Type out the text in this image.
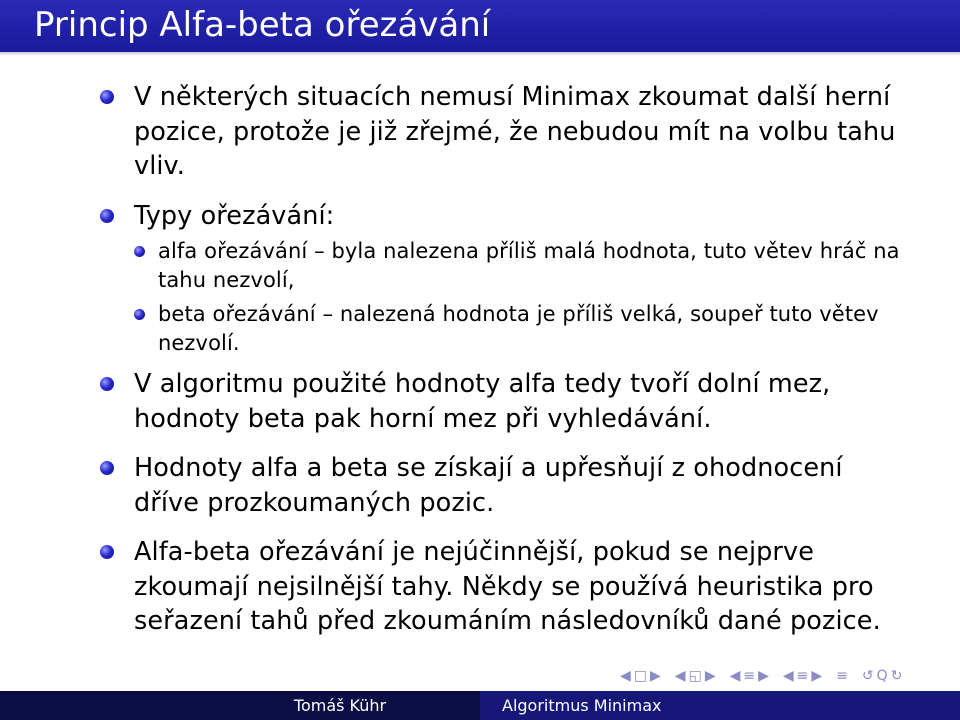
Princip Alfa-beta ořezávání
V některých situacích nemusí Minimax zkoumat další herní pozice, protože je již zřejmé, že nebudou mít na volbu tahu vliv.
Typy ořezávání:
alfa ořezávání – byla nalezena příliš malá hodnota, tuto větev hráč na tahu nezvolí,
beta ořezávání – nalezená hodnota je příliš velká, soupeř tuto větev nezvolí.
V algoritmu použité hodnoty alfa tedy tvoří dolní mez, hodnoty beta pak horní mez při vyhledávání.
Hodnoty alfa a beta se získají a upřesňují z ohodnocení dříve prozkoumaných pozic.
Alfa-beta ořezávání je nejúčinnější, pokud se nejprve zkoumají nejsilnější tahy. Někdy se používá heuristika pro seřazení tahů před zkoumáním následovníků dané pozice.
◀ □ ▶ ◀ ◱ ▶ ◀ ≡ ▶ ◀ ≡ ▶ ≡ ↺ Q ↻
Tomáš Kühr	Algoritmus Minimax
